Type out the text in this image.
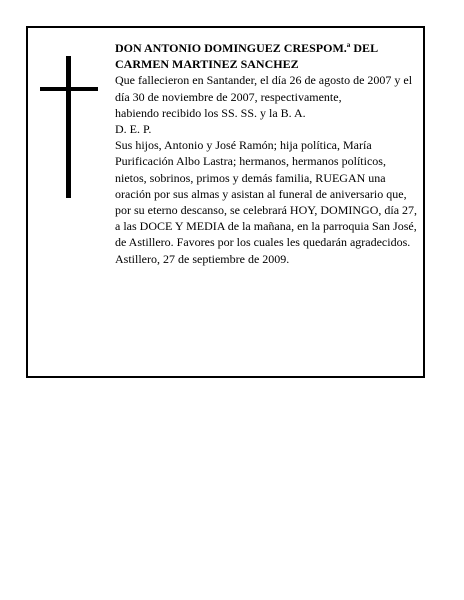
DON ANTONIO DOMINGUEZ CRESPOM.ª DEL CARMEN MARTINEZ SANCHEZ

Que fallecieron en Santander, el día 26 de agosto de 2007 y el día 30 de noviembre de 2007, respectivamente,

habiendo recibido los SS. SS. y la B. A.

D. E. P.

Sus hijos, Antonio y José Ramón; hija política, María Purificación Albo Lastra; hermanos, hermanos políticos, nietos, sobrinos, primos y demás familia, RUEGAN una oración por sus almas y asistan al funeral de aniversario que, por su eterno descanso, se celebrará HOY, DOMINGO, día 27, a las DOCE Y MEDIA de la mañana, en la parroquia San José, de Astillero. Favores por los cuales les quedarán agradecidos.

Astillero, 27 de septiembre de 2009.
